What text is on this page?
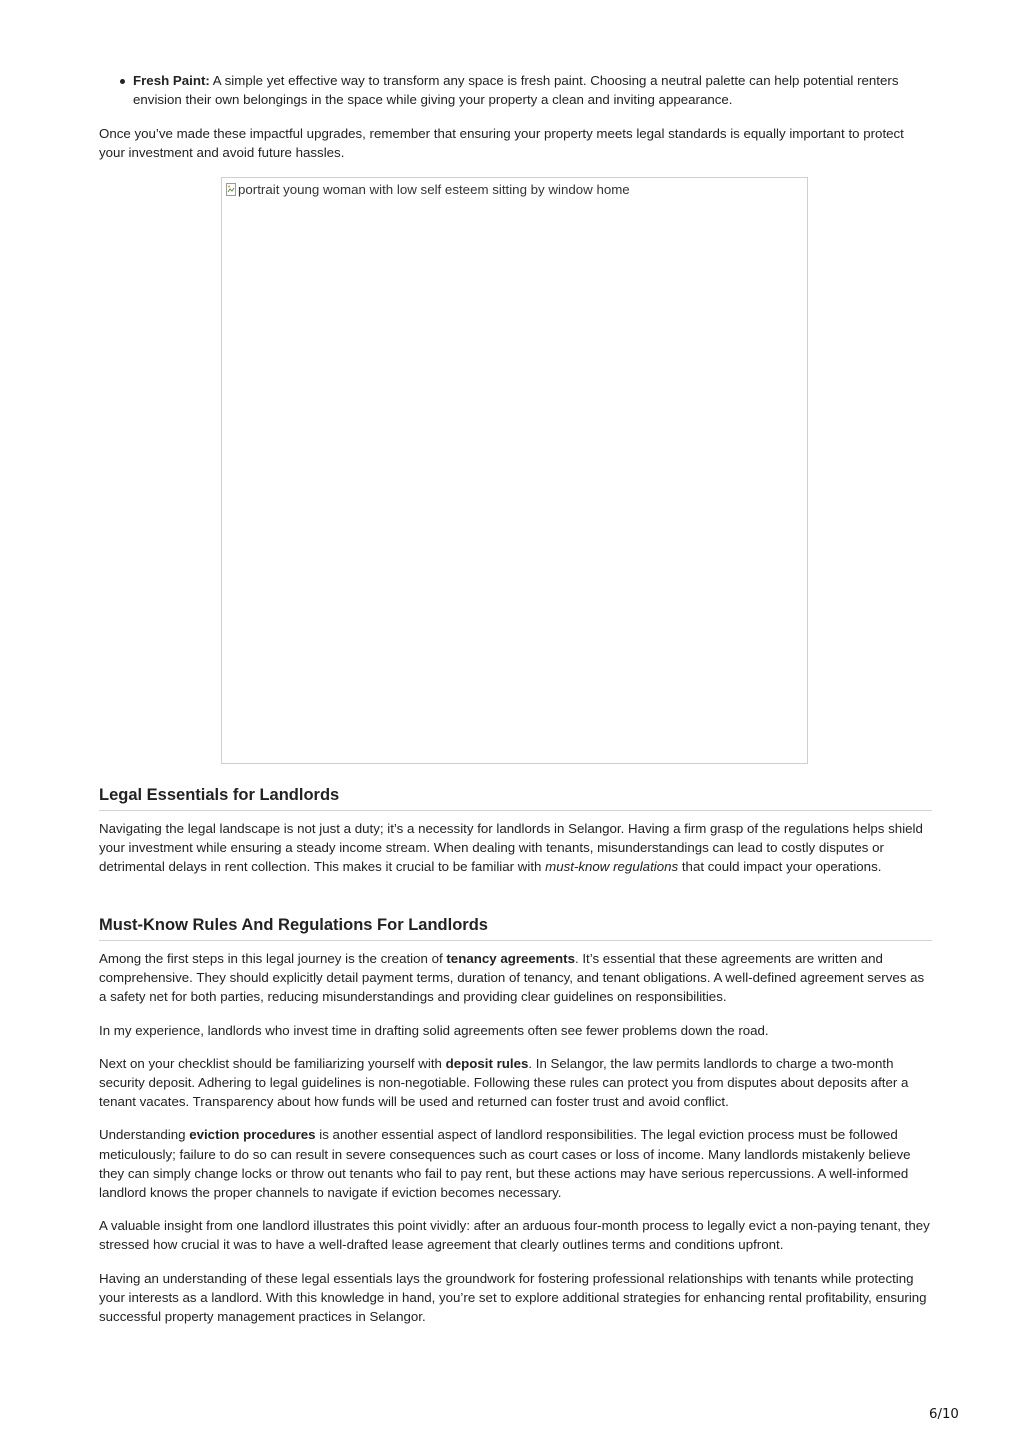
Fresh Paint: A simple yet effective way to transform any space is fresh paint. Choosing a neutral palette can help potential renters envision their own belongings in the space while giving your property a clean and inviting appearance.

Once you’ve made these impactful upgrades, remember that ensuring your property meets legal standards is equally important to protect your investment and avoid future hassles.

portrait young woman with low self esteem sitting by window home
Legal Essentials for Landlords

Navigating the legal landscape is not just a duty; it’s a necessity for landlords in Selangor. Having a firm grasp of the regulations helps shield your investment while ensuring a steady income stream. When dealing with tenants, misunderstandings can lead to costly disputes or detrimental delays in rent collection. This makes it crucial to be familiar with must-know regulations that could impact your operations.

Must-Know Rules And Regulations For Landlords

Among the first steps in this legal journey is the creation of tenancy agreements. It’s essential that these agreements are written and comprehensive. They should explicitly detail payment terms, duration of tenancy, and tenant obligations. A well-defined agreement serves as a safety net for both parties, reducing misunderstandings and providing clear guidelines on responsibilities.

In my experience, landlords who invest time in drafting solid agreements often see fewer problems down the road.

Next on your checklist should be familiarizing yourself with deposit rules. In Selangor, the law permits landlords to charge a two-month security deposit. Adhering to legal guidelines is non-negotiable. Following these rules can protect you from disputes about deposits after a tenant vacates. Transparency about how funds will be used and returned can foster trust and avoid conflict.

Understanding eviction procedures is another essential aspect of landlord responsibilities. The legal eviction process must be followed meticulously; failure to do so can result in severe consequences such as court cases or loss of income. Many landlords mistakenly believe they can simply change locks or throw out tenants who fail to pay rent, but these actions may have serious repercussions. A well-informed landlord knows the proper channels to navigate if eviction becomes necessary.

A valuable insight from one landlord illustrates this point vividly: after an arduous four-month process to legally evict a non-paying tenant, they stressed how crucial it was to have a well-drafted lease agreement that clearly outlines terms and conditions upfront.

Having an understanding of these legal essentials lays the groundwork for fostering professional relationships with tenants while protecting your interests as a landlord. With this knowledge in hand, you’re set to explore additional strategies for enhancing rental profitability, ensuring successful property management practices in Selangor.

6/10
